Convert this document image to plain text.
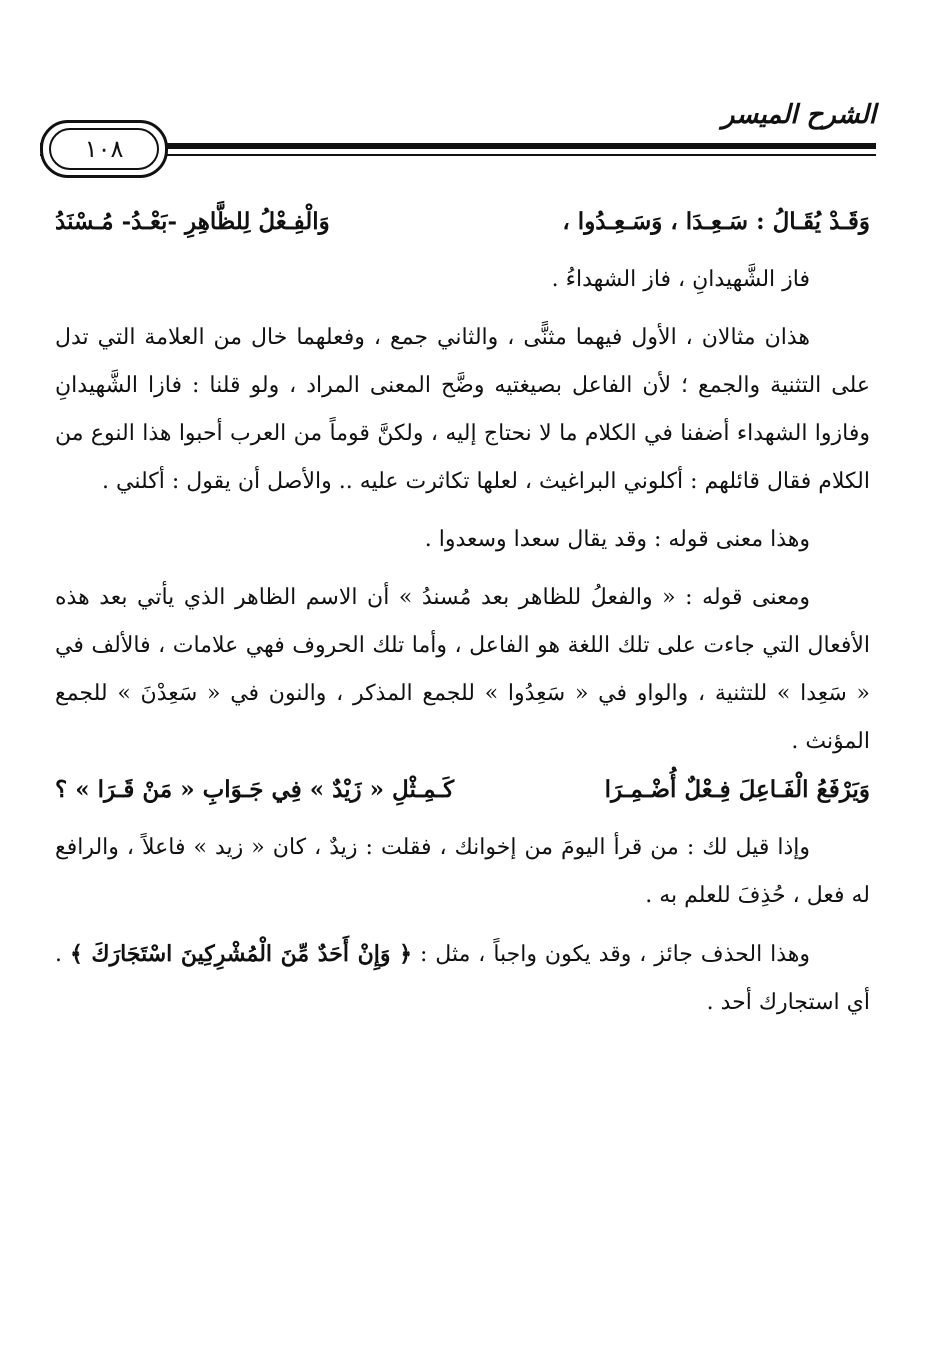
الشرح الميسر
١٠٨
وَقَـدْ يُقَـالُ : سَـعِـدَا ، وَسَـعِـدُوا ،
وَالْفِـعْلُ لِلظَّاهِرِ -بَعْـدُ- مُـسْنَدُ

فاز الشَّهيدانِ ، فاز الشهداءُ .

هذان مثالان ، الأول فيهما مثنًّى ، والثاني جمع ، وفعلهما خال من العلامة التي تدل على التثنية والجمع ؛ لأن الفاعل بصيغتيه وضَّح المعنى المراد ، ولو قلنا : فازا الشَّهيدانِ وفازوا الشهداء أضفنا في الكلام ما لا نحتاج إليه ، ولكنَّ قوماً من العرب أحبوا هذا النوع من الكلام فقال قائلهم : أكلوني البراغيث ، لعلها تكاثرت عليه .. والأصل أن يقول : أكلني .

وهذا معنى قوله : وقد يقال سعدا وسعدوا .

ومعنى قوله : « والفعلُ للظاهر بعد مُسندُ » أن الاسم الظاهر الذي يأتي بعد هذه الأفعال التي جاءت على تلك اللغة هو الفاعل ، وأما تلك الحروف فهي علامات ، فالألف في « سَعِدا » للتثنية ، والواو في « سَعِدُوا » للجمع المذكر ، والنون في « سَعِدْنَ » للجمع المؤنث .

وَيَرْفَعُ الْفَـاعِلَ فِـعْلٌ أُضْـمِـرَا
كَـمِـثْلِ « زَيْدٌ » فِي جَـوَابِ « مَنْ قَـرَا » ؟

وإذا قيل لك : من قرأ اليومَ من إخوانك ، فقلت : زيدٌ ، كان « زيد » فاعلاً ، والرافع له فعل ، حُذِفَ للعلم به .

وهذا الحذف جائز ، وقد يكون واجباً ، مثل : ﴿ وَإِنْ أَحَدٌ مِّنَ الْمُشْرِكِينَ اسْتَجَارَكَ ﴾ . أي استجارك أحد .
